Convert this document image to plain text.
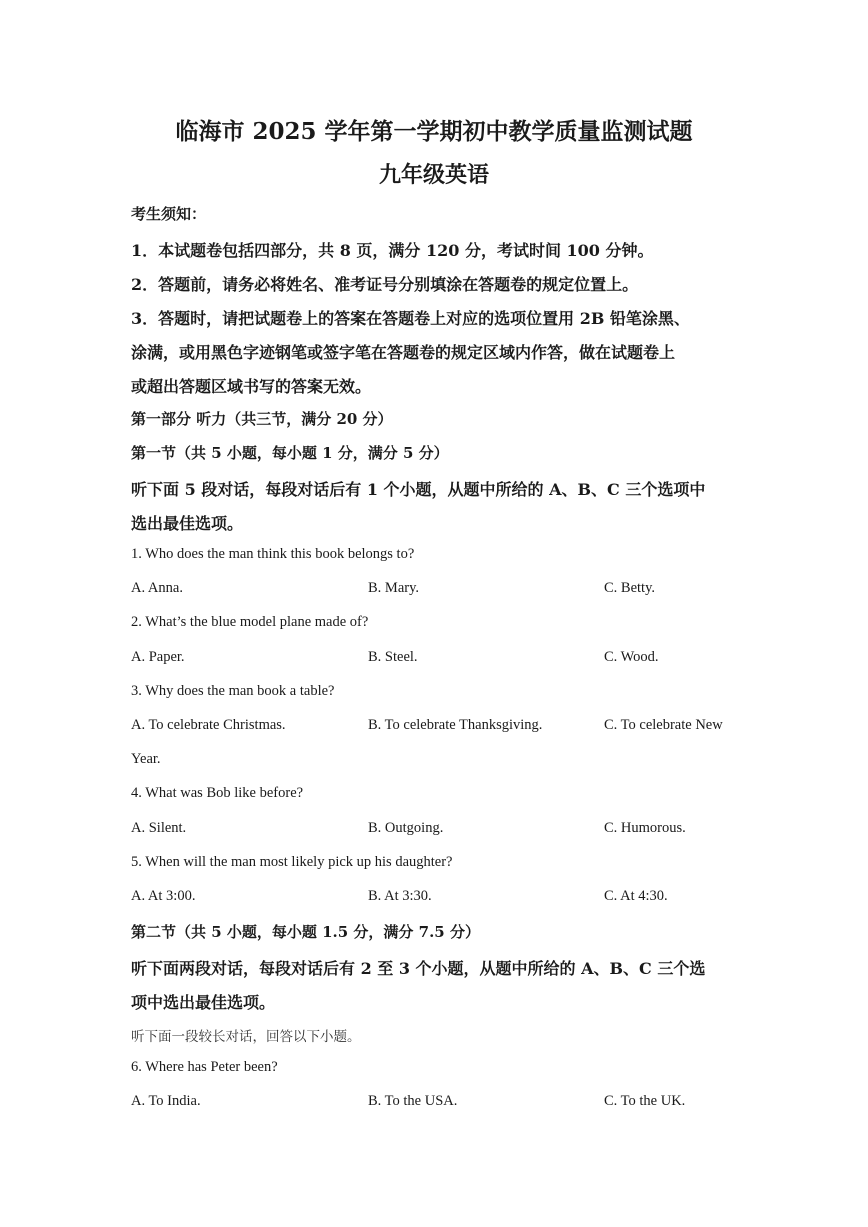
临海市 2025 学年第一学期初中教学质量监测试题
九年级英语
考生须知：
1．本试题卷包括四部分，共 8 页，满分 120 分，考试时间 100 分钟。
2．答题前，请务必将姓名、准考证号分别填涂在答题卷的规定位置上。
3．答题时，请把试题卷上的答案在答题卷上对应的选项位置用 2B 铅笔涂黑、
涂满，或用黑色字迹钢笔或签字笔在答题卷的规定区域内作答，做在试题卷上
或超出答题区域书写的答案无效。
第一部分 听力（共三节，满分 20 分）
第一节（共 5 小题，每小题 1 分，满分 5 分）
听下面 5 段对话，每段对话后有 1 个小题，从题中所给的 A、B、C 三个选项中
选出最佳选项。
1. Who does the man think this book belongs to?
A. Anna.	B. Mary.	C. Betty.
2. What’s the blue model plane made of?
A. Paper.	B. Steel.	C. Wood.
3. Why does the man book a table?
A. To celebrate Christmas.	B. To celebrate Thanksgiving.	C. To celebrate New
Year.
4. What was Bob like before?
A. Silent.	B. Outgoing.	C. Humorous.
5. When will the man most likely pick up his daughter?
A. At 3:00.	B. At 3:30.	C. At 4:30.
第二节（共 5 小题，每小题 1.5 分，满分 7.5 分）
听下面两段对话，每段对话后有 2 至 3 个小题，从题中所给的 A、B、C 三个选
项中选出最佳选项。
听下面一段较长对话，回答以下小题。
6. Where has Peter been?
A. To India.	B. To the USA.	C. To the UK.
